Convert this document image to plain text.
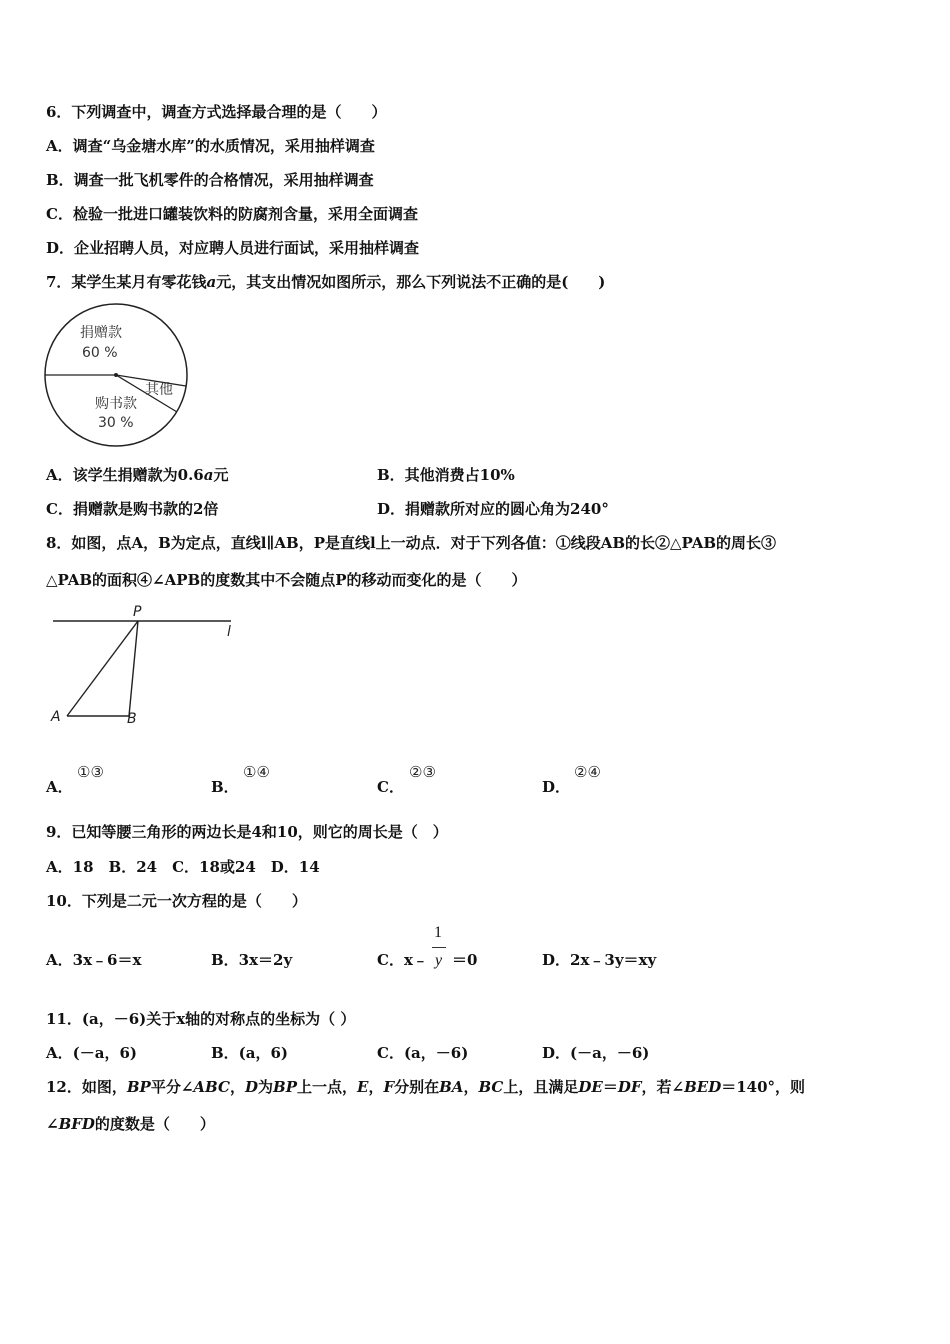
6．下列调查中，调查方式选择最合理的是（　　）
A．调查“乌金塘水库”的水质情况，采用抽样调查
B．调查一批飞机零件的合格情况，采用抽样调查
C．检验一批进口罐装饮料的防腐剂含量，采用全面调查
D．企业招聘人员，对应聘人员进行面试，采用抽样调查
7．某学生某月有零花钱a元，其支出情况如图所示，那么下列说法不正确的是(　　)
捐赠款
60 %
其他
购书款
30 %
A．该学生捐赠款为0.6a元	B．其他消费占10%
C．捐赠款是购书款的2倍	D．捐赠款所对应的圆心角为240°
8．如图，点A，B为定点，直线l∥AB，P是直线l上一动点．对于下列各值：①线段AB的长②△PAB的周长③
△PAB的面积④∠APB的度数其中不会随点P的移动而变化的是（　　）
P
l
A	B
A．
①③
B．
①④
C．
②③
D．
②④
9．已知等腰三角形的两边长是4和10，则它的周长是（　）
A．18　B．24　C．18或24　D．14
10．下列是二元一次方程的是（　　）
A．3x﹣6＝x	B．3x＝2y	C．x﹣
1
y ＝0	D．2x﹣3y＝xy
11．(a，－6)关于x轴的对称点的坐标为（ ）
A．(－a，6)	B．(a，6)	C．(a，－6)	D．(－a，－6)
12．如图，BP平分∠ABC，D为BP上一点，E，F分别在BA，BC上，且满足DE＝DF，若∠BED＝140°，则
∠BFD的度数是（　　）
